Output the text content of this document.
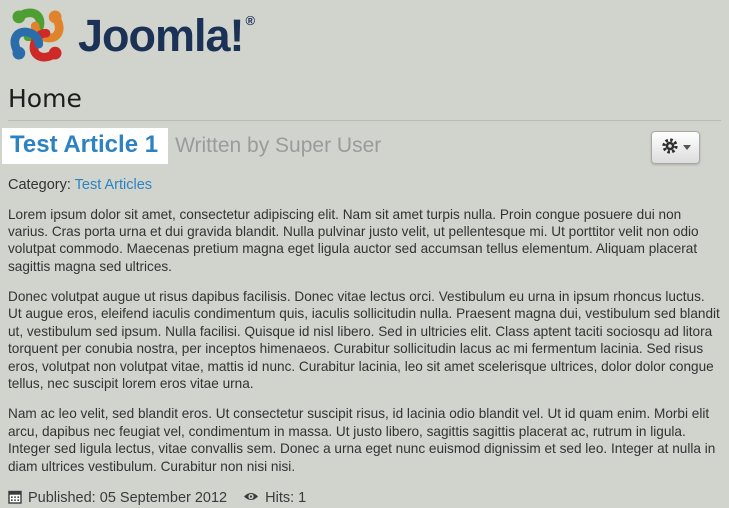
Joomla! ®
Home
Test Article 1 Written by Super User
Category: Test Articles

Lorem ipsum dolor sit amet, consectetur adipiscing elit. Nam sit amet turpis nulla. Proin congue posuere dui non varius. Cras porta urna et dui gravida blandit. Nulla pulvinar justo velit, ut pellentesque mi. Ut porttitor velit non odio volutpat commodo. Maecenas pretium magna eget ligula auctor sed accumsan tellus elementum. Aliquam placerat sagittis magna sed ultrices.

Donec volutpat augue ut risus dapibus facilisis. Donec vitae lectus orci. Vestibulum eu urna in ipsum rhoncus luctus. Ut augue eros, eleifend iaculis condimentum quis, iaculis sollicitudin nulla. Praesent magna dui, vestibulum sed blandit ut, vestibulum sed ipsum. Nulla facilisi. Quisque id nisl libero. Sed in ultricies elit. Class aptent taciti sociosqu ad litora torquent per conubia nostra, per inceptos himenaeos. Curabitur sollicitudin lacus ac mi fermentum lacinia. Sed risus eros, volutpat non volutpat vitae, mattis id nunc. Curabitur lacinia, leo sit amet scelerisque ultrices, dolor dolor congue tellus, nec suscipit lorem eros vitae urna.

Nam ac leo velit, sed blandit eros. Ut consectetur suscipit risus, id lacinia odio blandit vel. Ut id quam enim. Morbi elit arcu, dapibus nec feugiat vel, condimentum in massa. Ut justo libero, sagittis sagittis placerat ac, rutrum in ligula. Integer sed ligula lectus, vitae convallis sem. Donec a urna eget nunc euismod dignissim et sed leo. Integer at nulla in diam ultrices vestibulum. Curabitur non nisi nisi.

Published: 05 September 2012	Hits: 1
